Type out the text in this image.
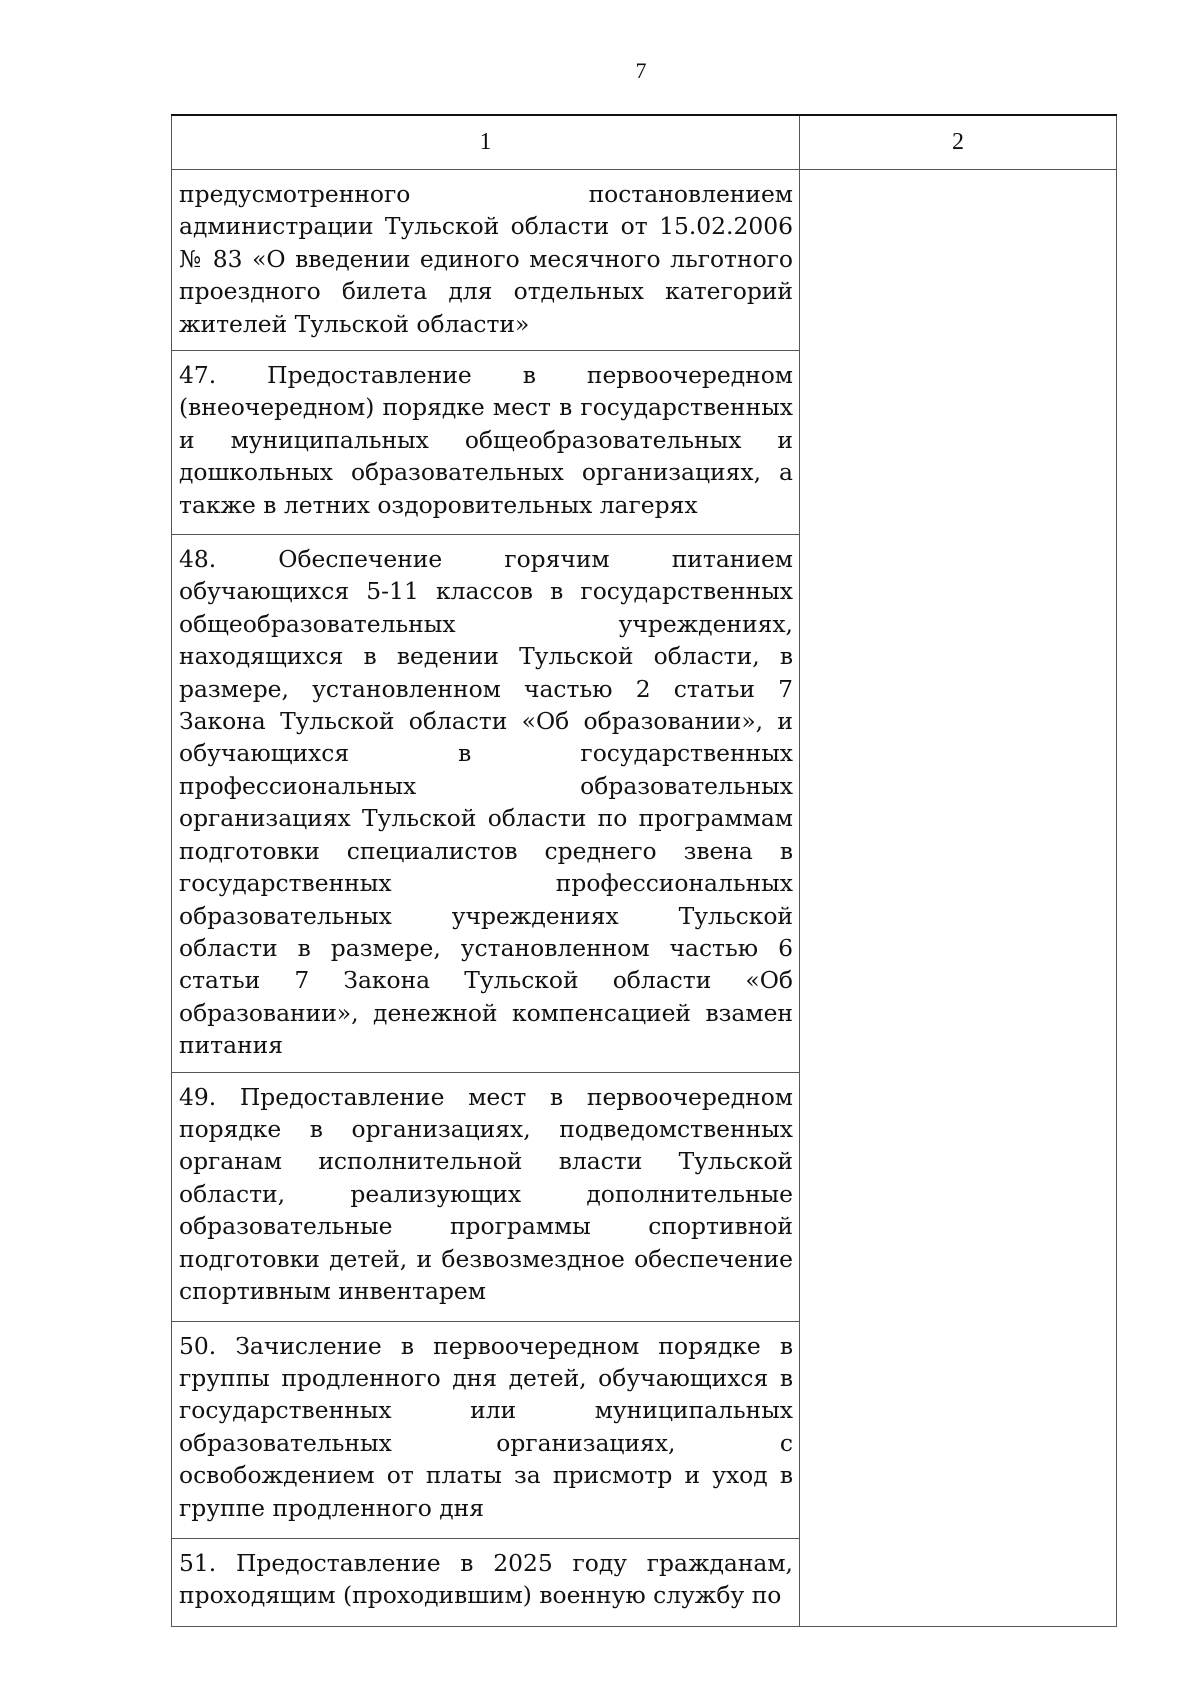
7
1	2

предусмотренного постановлением администрации Тульской области от 15.02.2006 № 83 «О введении единого месячного льготного проездного билета для отдельных категорий жителей Тульской области»	

47. Предоставление в первоочередном (внеочередном) порядке мест в государственных и муниципальных общеобразовательных и дошкольных образовательных организациях, а также в летних оздоровительных лагерях	

48. Обеспечение горячим питанием обучающихся 5-11 классов в государственных общеобразовательных учреждениях, находящихся в ведении Тульской области, в размере, установленном частью 2 статьи 7 Закона Тульской области «Об образовании», и обучающихся в государственных профессиональных образовательных организациях Тульской области по программам подготовки специалистов среднего звена в государственных профессиональных образовательных учреждениях Тульской области в размере, установленном частью 6 статьи 7 Закона Тульской области «Об образовании», денежной компенсацией взамен питания	

49. Предоставление мест в первоочередном порядке в организациях, подведомственных органам исполнительной власти Тульской области, реализующих дополнительные образовательные программы спортивной подготовки детей, и безвозмездное обеспечение спортивным инвентарем	

50. Зачисление в первоочередном порядке в группы продленного дня детей, обучающихся в государственных или муниципальных образовательных организациях, с освобождением от платы за присмотр и уход в группе продленного дня	

51. Предоставление в 2025 году гражданам, проходящим (проходившим) военную службу по	
